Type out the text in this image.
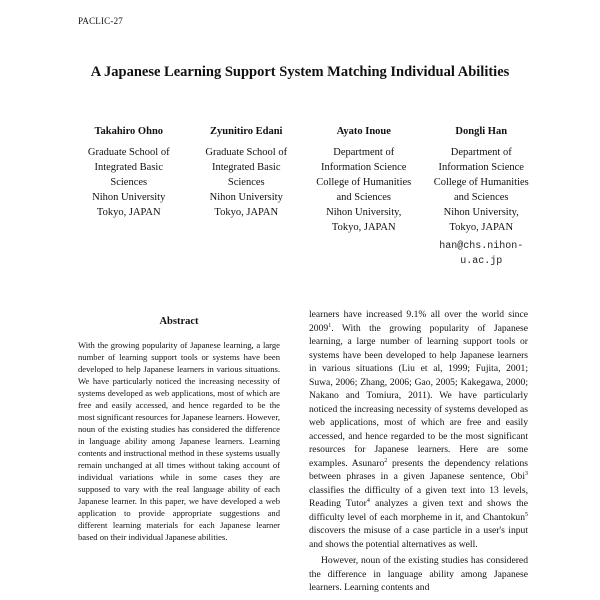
PACLIC-27
A Japanese Learning Support System Matching Individual Abilities
Takahiro Ohno
Graduate School of
Integrated Basic
Sciences
Nihon University
Tokyo, JAPAN
Zyunitiro Edani
Graduate School of
Integrated Basic
Sciences
Nihon University
Tokyo, JAPAN
Ayato Inoue
Department of
Information Science
College of Humanities
and Sciences
Nihon University,
Tokyo, JAPAN
Dongli Han
Department of
Information Science
College of Humanities
and Sciences
Nihon University,
Tokyo, JAPAN
han@chs.nihon-u.ac.jp
Abstract
With the growing popularity of Japanese learning, a large number of learning support tools or systems have been developed to help Japanese learners in various situations. We have particularly noticed the increasing necessity of systems developed as web applications, most of which are free and easily accessed, and hence regarded to be the most significant resources for Japanese learners. However, noun of the existing studies has considered the difference in language ability among Japanese learners. Learning contents and instructional method in these systems usually remain unchanged at all times without taking account of individual variations while in some cases they are supposed to vary with the real language ability of each Japanese learner. In this paper, we have developed a web application to provide appropriate suggestions and different learning materials for each Japanese learner based on their individual Japanese abilities.

learners have increased 9.1% all over the world since 2009$^1$. With the growing popularity of Japanese learning, a large number of learning support tools or systems have been developed to help Japanese learners in various situations (Liu et al, 1999; Fujita, 2001; Suwa, 2006; Zhang, 2006; Gao, 2005; Kakegawa, 2000; Nakano and Tomiura, 2011). We have particularly noticed the increasing necessity of systems developed as web applications, most of which are free and easily accessed, and hence regarded to be the most significant resources for Japanese learners. Here are some examples. Asunaro$^2$ presents the dependency relations between phrases in a given Japanese sentence, Obi$^3$ classifies the difficulty of a given text into 13 levels, Reading Tutor$^4$ analyzes a given text and shows the difficulty level of each morpheme in it, and Chantokun$^5$ discovers the misuse of a case particle in a user's input and shows the potential alternatives as well.

However, noun of the existing studies has considered the difference in language ability among Japanese learners. Learning contents and
